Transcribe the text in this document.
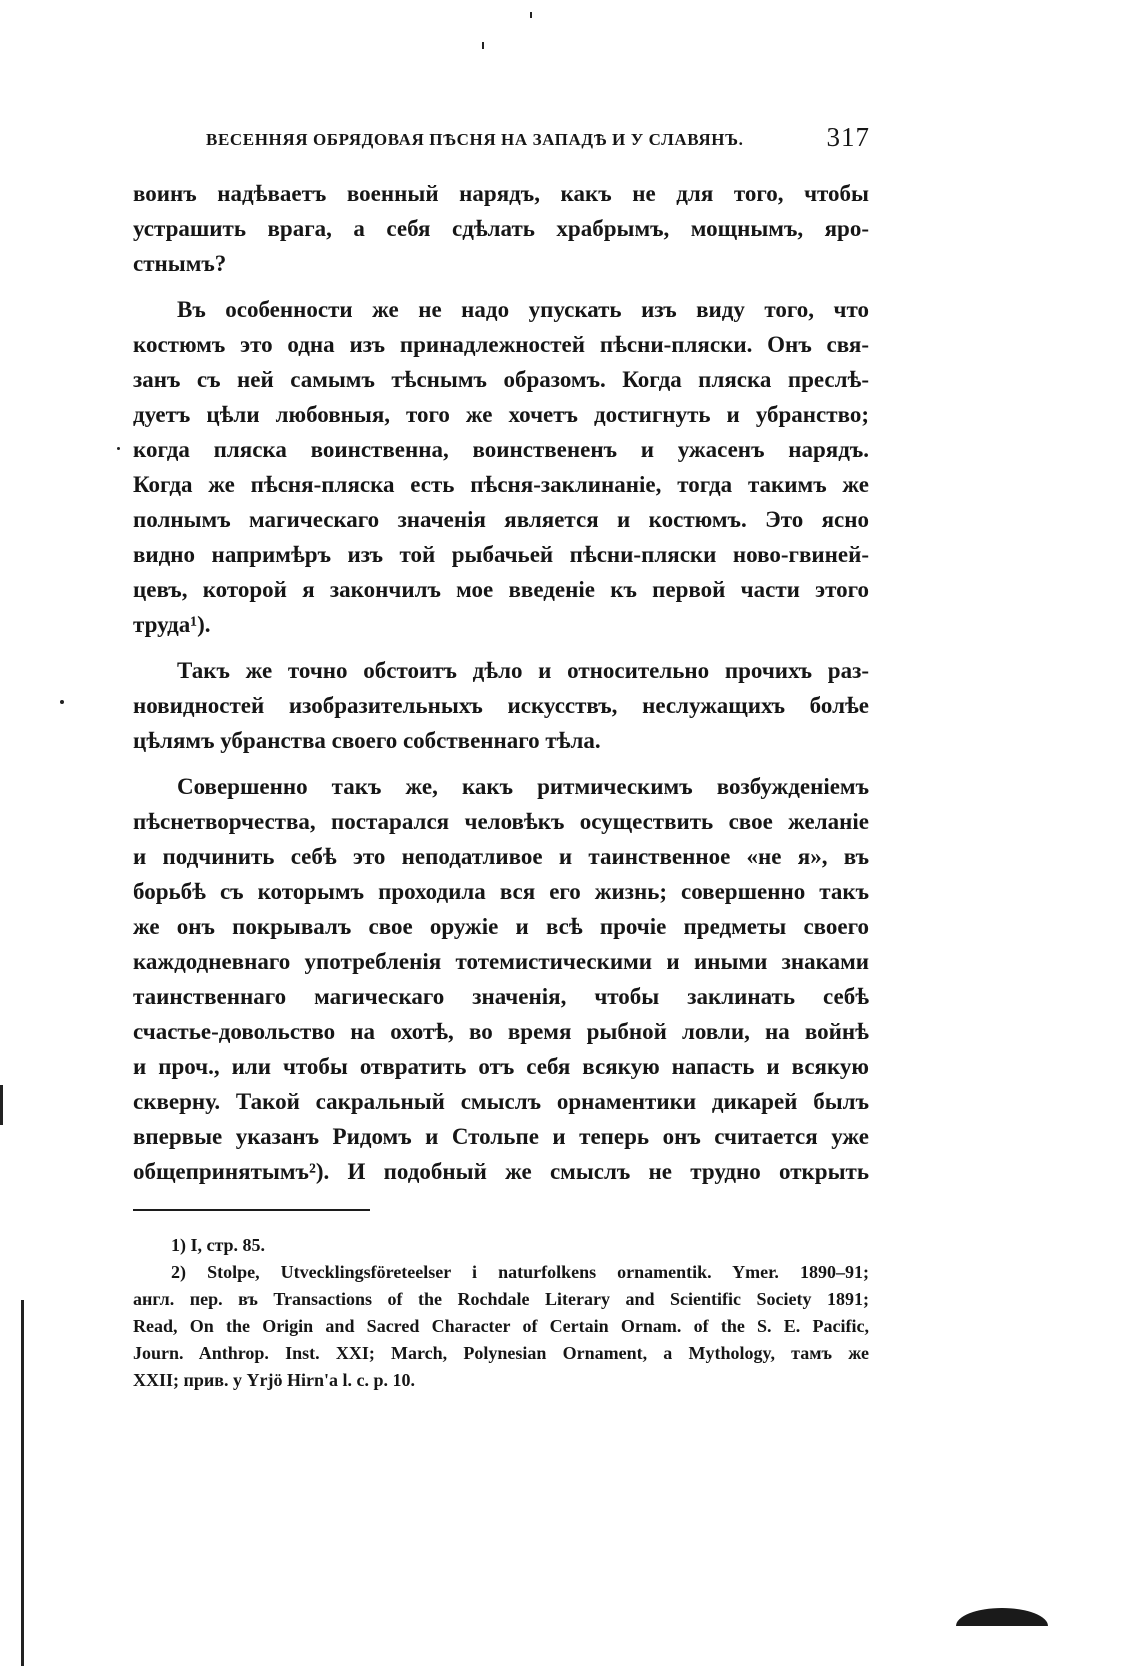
ВЕСЕННЯЯ ОБРЯДОВАЯ ПѢСНЯ НА ЗАПАДѢ И У СЛАВЯНЪ.	317

воинъ надѣваетъ военный нарядъ, какъ не для того, чтобы
устрашить врага, а себя сдѣлать храбрымъ, мощнымъ, яро-
стнымъ?

Въ особенности же не надо упускать изъ виду того, что
костюмъ это одна изъ принадлежностей пѣсни-пляски. Онъ свя-
занъ съ ней самымъ тѣснымъ образомъ. Когда пляска преслѣ-
дуетъ цѣли любовныя, того же хочетъ достигнуть и убранство;
когда пляска воинственна, воинствененъ и ужасенъ нарядъ.
Когда же пѣсня-пляска есть пѣсня-заклинаніе, тогда такимъ же
полнымъ магическаго значенія является и костюмъ. Это ясно
видно напримѣръ изъ той рыбачьей пѣсни-пляски ново-гвиней-
цевъ, которой я закончилъ мое введеніе къ первой части этого
труда¹).

Такъ же точно обстоитъ дѣло и относительно прочихъ раз-
новидностей изобразительныхъ искусствъ, неслужащихъ болѣе
цѣлямъ убранства своего собственнаго тѣла.

Совершенно такъ же, какъ ритмическимъ возбужденіемъ
пѣснетворчества, постарался человѣкъ осуществить свое желаніе
и подчинить себѣ это неподатливое и таинственное «не я», въ
борьбѣ съ которымъ проходила вся его жизнь; совершенно такъ
же онъ покрывалъ свое оружіе и всѣ прочіе предметы своего
каждодневнаго употребленія тотемистическими и иными знаками
таинственнаго магическаго значенія, чтобы заклинать себѣ
счастье-довольство на охотѣ, во время рыбной ловли, на войнѣ
и проч., или чтобы отвратить отъ себя всякую напасть и всякую
скверну. Такой сакральный смыслъ орнаментики дикарей былъ
впервые указанъ Ридомъ и Стольпе и теперь онъ считается уже
общепринятымъ²). И подобный же смыслъ не трудно открыть

1) I, стр. 85.

2) Stolpe, Utvecklingsföreteelser i naturfolkens ornamentik. Ymer. 1890–91;
англ. пер. въ Transactions of the Rochdale Literary and Scientific Society 1891;
Read, On the Origin and Sacred Character of Certain Ornam. of the S. E. Pacific,
Journ. Anthrop. Inst. XXI; March, Polynesian Ornament, a Mythology, тамъ же
XXII; прив. у Yrjö Hirn'a l. c. p. 10.
